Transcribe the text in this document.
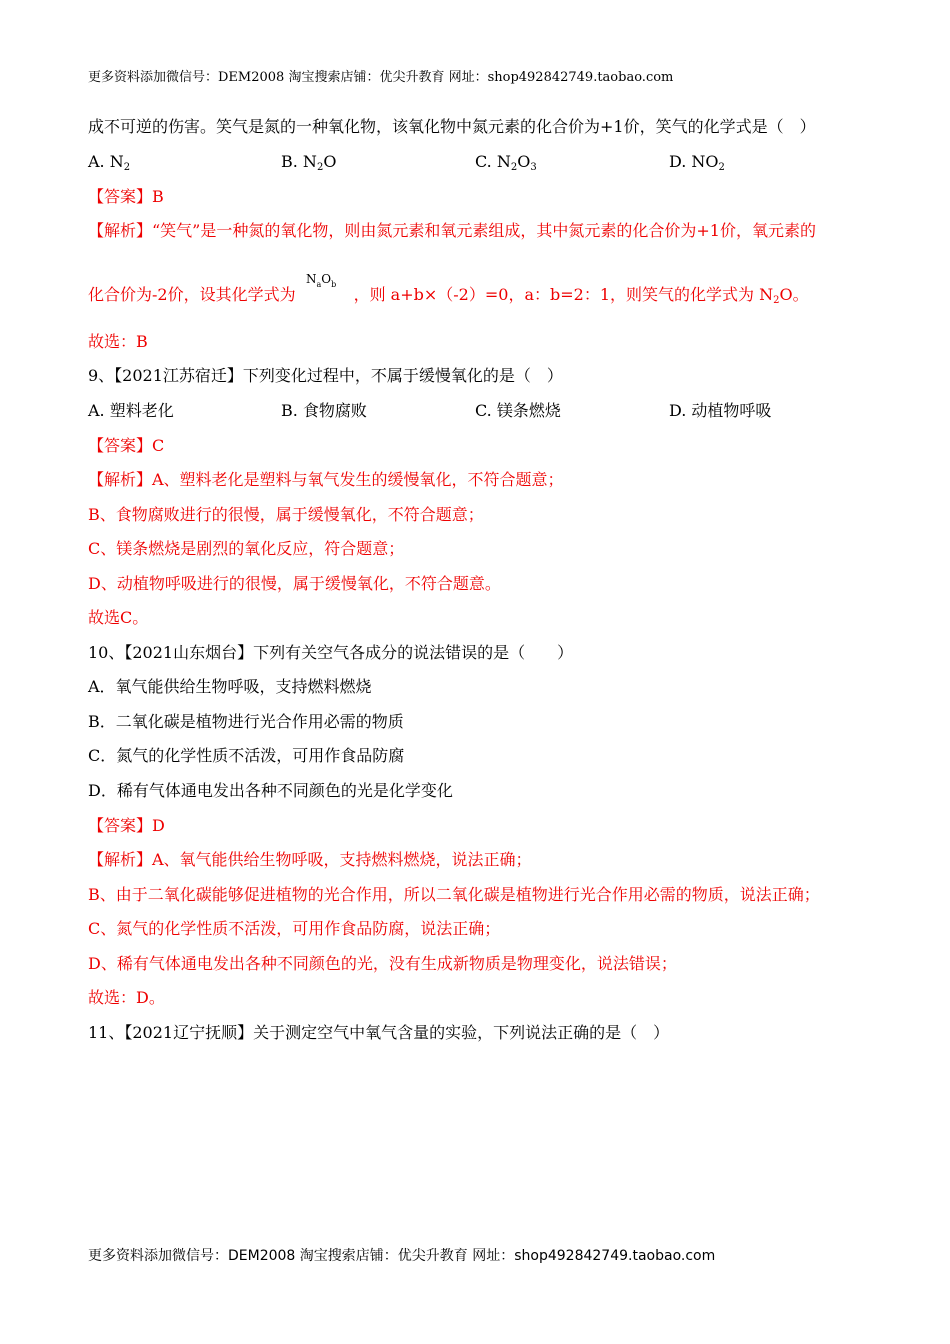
更多资料添加微信号：DEM2008 淘宝搜索店铺：优尖升教育 网址：shop492842749.taobao.com
成不可逆的伤害。笑气是氮的一种氧化物，该氧化物中氮元素的化合价为+1价，笑气的化学式是（　）
A. $N_2$	B. $N_2O$	C. $N_2O_3$	D. $NO_2$
【答案】B
【解析】“笑气”是一种氮的氧化物，则由氮元素和氧元素组成，其中氮元素的化合价为+1价，氧元素的
化合价为-2价，设其化学式为	，则 a+b×（-2）=0，a：b=2：1，则笑气的化学式为 $N_2O$。
$N_aO_b$
故选：B
9、【2021江苏宿迁】下列变化过程中，不属于缓慢氧化的是（　）
A. 塑料老化	B. 食物腐败	C. 镁条燃烧	D. 动植物呼吸
【答案】C
【解析】A、塑料老化是塑料与氧气发生的缓慢氧化，不符合题意；
B、食物腐败进行的很慢，属于缓慢氧化，不符合题意；
C、镁条燃烧是剧烈的氧化反应，符合题意；
D、动植物呼吸进行的很慢，属于缓慢氧化，不符合题意。
故选C。
10、【2021山东烟台】下列有关空气各成分的说法错误的是（　　）
A．氧气能供给生物呼吸，支持燃料燃烧
B．二氧化碳是植物进行光合作用必需的物质
C．氮气的化学性质不活泼，可用作食品防腐
D．稀有气体通电发出各种不同颜色的光是化学变化
【答案】D
【解析】A、氧气能供给生物呼吸，支持燃料燃烧，说法正确；
B、由于二氧化碳能够促进植物的光合作用，所以二氧化碳是植物进行光合作用必需的物质，说法正确；
C、氮气的化学性质不活泼，可用作食品防腐，说法正确；
D、稀有气体通电发出各种不同颜色的光，没有生成新物质是物理变化，说法错误；
故选：D。
11、【2021辽宁抚顺】关于测定空气中氧气含量的实验，下列说法正确的是（　）
更多资料添加微信号：DEM2008 淘宝搜索店铺：优尖升教育 网址：shop492842749.taobao.com
